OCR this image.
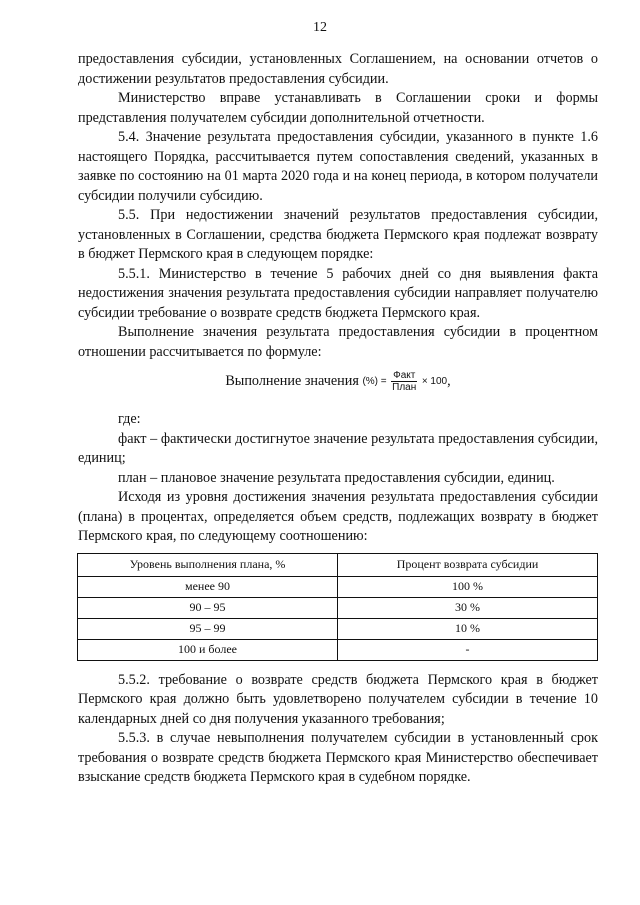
12

предоставления субсидии, установленных Соглашением, на основании отчетов о достижении результатов предоставления субсидии.

Министерство вправе устанавливать в Соглашении сроки и формы представления получателем субсидии дополнительной отчетности.

5.4. Значение результата предоставления субсидии, указанного в пункте 1.6 настоящего Порядка, рассчитывается путем сопоставления сведений, указанных в заявке по состоянию на 01 марта 2020 года и на конец периода, в котором получатели субсидии получили субсидию.

5.5. При недостижении значений результатов предоставления субсидии, установленных в Соглашении, средства бюджета Пермского края подлежат возврату в бюджет Пермского края в следующем порядке:

5.5.1. Министерство в течение 5 рабочих дней со дня выявления факта недостижения значения результата предоставления субсидии направляет получателю субсидии требование о возврате средств бюджета Пермского края.

Выполнение значения результата предоставления субсидии в процентном отношении рассчитывается по формуле:

Выполнение значения (%) = $\frac{\text{Факт}}{\text{План}} \times 100$,

где:

факт – фактически достигнутое значение результата предоставления субсидии, единиц;

план – плановое значение результата предоставления субсидии, единиц.

Исходя из уровня достижения значения результата предоставления субсидии (плана) в процентах, определяется объем средств, подлежащих возврату в бюджет Пермского края, по следующему соотношению:

Уровень выполнения плана, %	Процент возврата субсидии
менее 90	100 %
90 – 95	30 %
95 – 99	10 %
100 и более	-

5.5.2. требование о возврате средств бюджета Пермского края в бюджет Пермского края должно быть удовлетворено получателем субсидии в течение 10 календарных дней со дня получения указанного требования;

5.5.3. в случае невыполнения получателем субсидии в установленный срок требования о возврате средств бюджета Пермского края Министерство обеспечивает взыскание средств бюджета Пермского края в судебном порядке.
